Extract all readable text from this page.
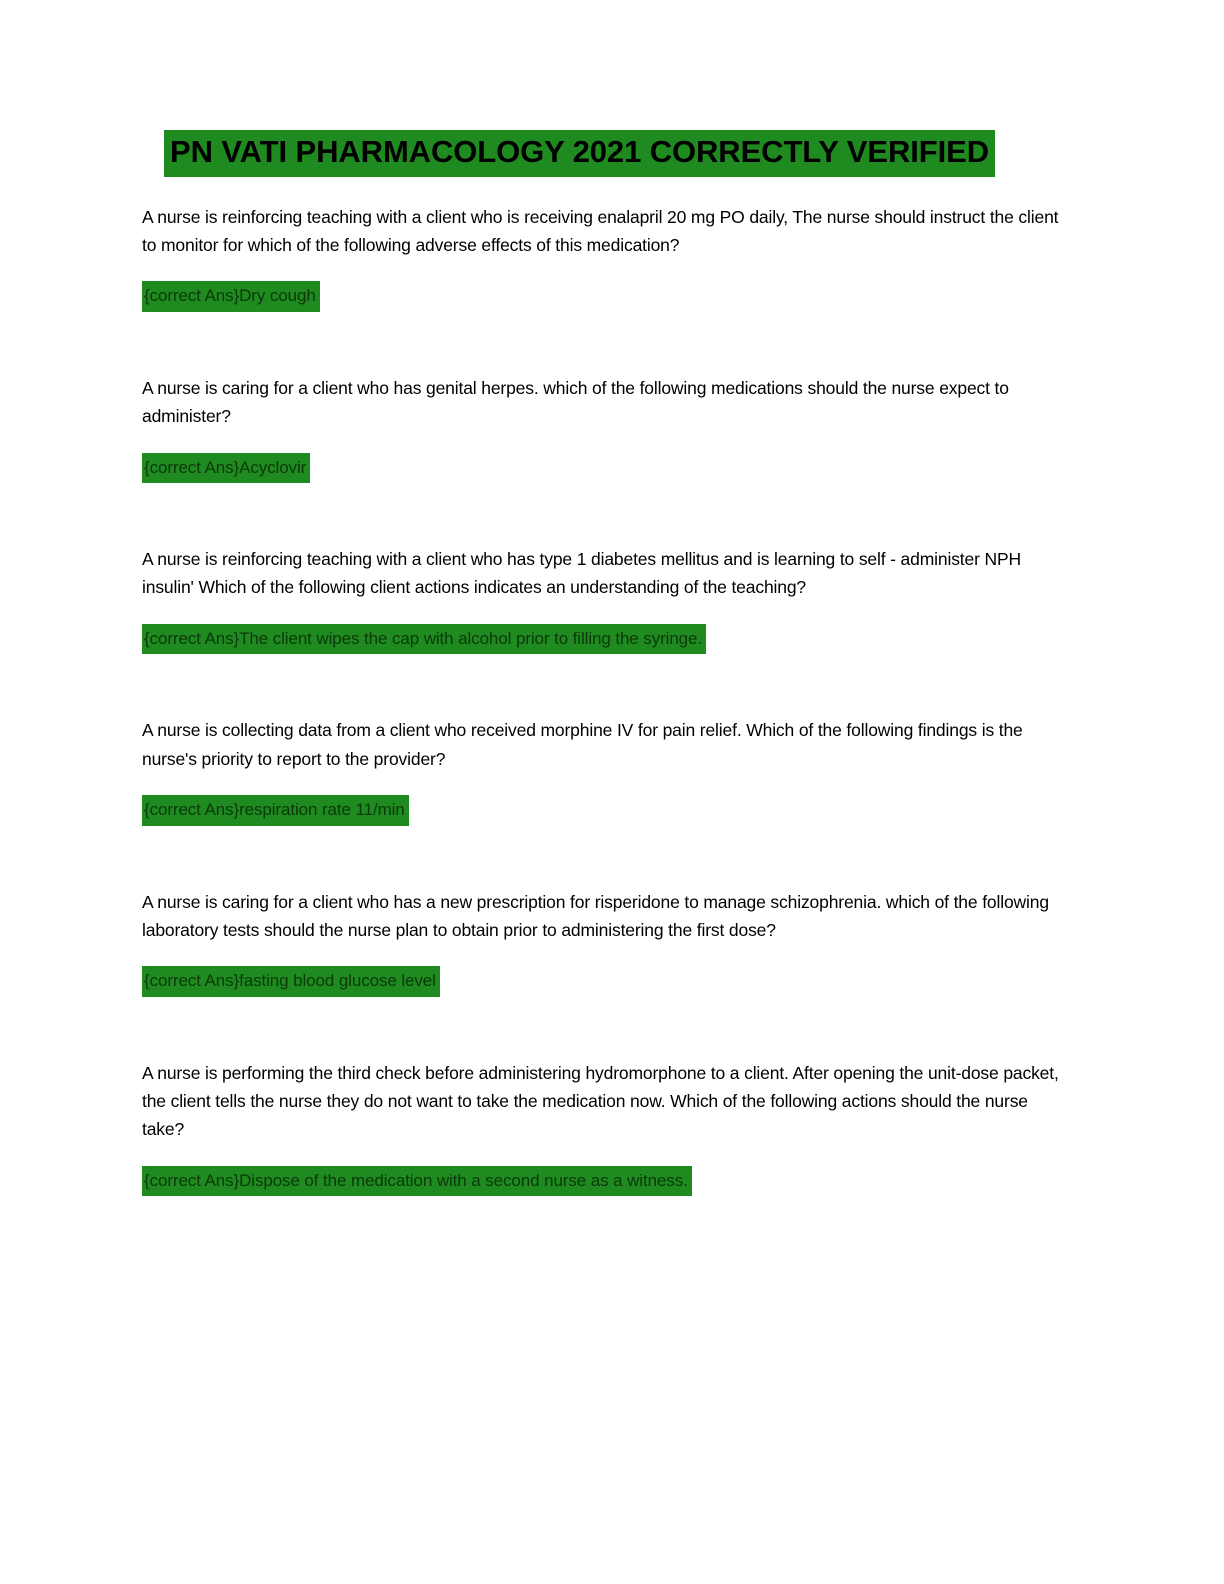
PN VATI PHARMACOLOGY 2021 CORRECTLY VERIFIED

A nurse is reinforcing teaching with a client who is receiving enalapril 20 mg PO daily, The nurse should instruct the client to monitor for which of the following adverse effects of this medication?

{correct Ans}Dry cough

A nurse is caring for a client who has genital herpes. which of the following medications should the nurse expect to administer?

{correct Ans}Acyclovir

A nurse is reinforcing teaching with a client who has type 1 diabetes mellitus and is learning to self - administer NPH insulin' Which of the following client actions indicates an understanding of the teaching?

{correct Ans}The client wipes the cap with alcohol prior to filling the syringe.

A nurse is collecting data from a client who received morphine IV for pain relief. Which of the following findings is the nurse's priority to report to the provider?

{correct Ans}respiration rate 11/min

A nurse is caring for a client who has a new prescription for risperidone to manage schizophrenia. which of the following laboratory tests should the nurse plan to obtain prior to administering the first dose?

{correct Ans}fasting blood glucose level

A nurse is performing the third check before administering hydromorphone to a client. After opening the unit-dose packet, the client tells the nurse they do not want to take the medication now. Which of the following actions should the nurse take?

{correct Ans}Dispose of the medication with a second nurse as a witness.
